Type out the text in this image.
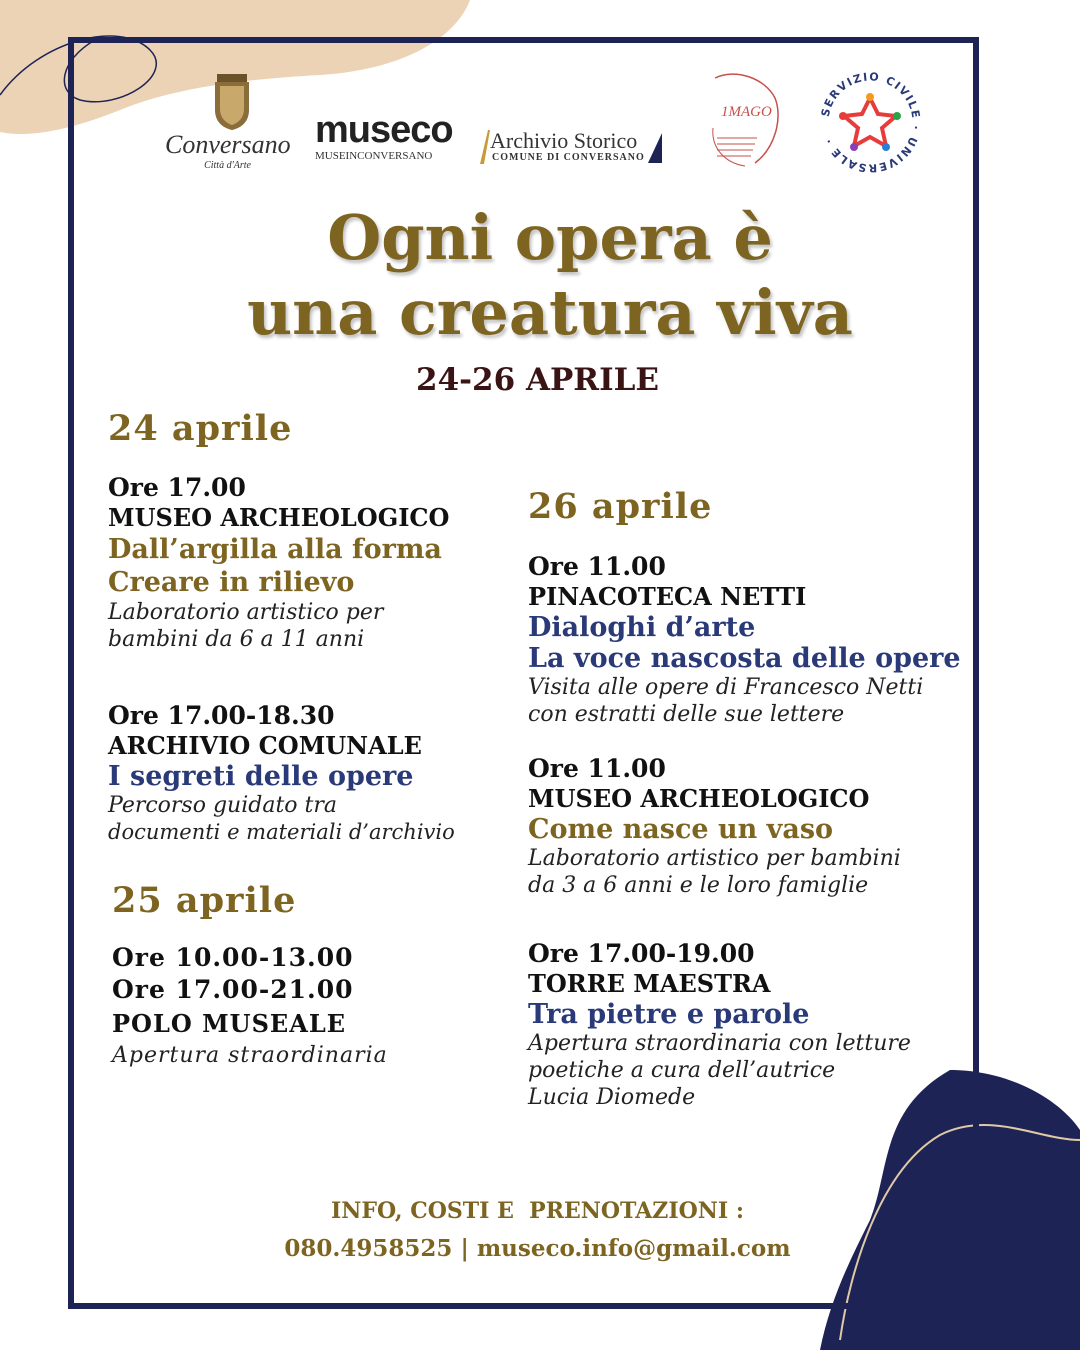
Conversano
Città d'Arte
museco
MUSEINCONVERSANO
Archivio Storico
COMUNE DI CONVERSANO
1MAGO	SERVIZIO CIVILE · UNIVERSALE ·
Ogni opera è
una creatura viva
24-26 APRILE
24 aprile
Ore 17.00
MUSEO ARCHEOLOGICO
Dall’argilla alla forma
Creare in rilievo
Laboratorio artistico per
bambini da 6 a 11 anni
Ore 17.00-18.30
ARCHIVIO COMUNALE
I segreti delle opere
Percorso guidato tra
documenti e materiali d’archivio
25 aprile
Ore 10.00-13.00
Ore 17.00-21.00
POLO MUSEALE
Apertura straordinaria
26 aprile
Ore 11.00
PINACOTECA NETTI
Dialoghi d’arte
La voce nascosta delle opere
Visita alle opere di Francesco Netti
con estratti delle sue lettere
Ore 11.00
MUSEO ARCHEOLOGICO
Come nasce un vaso
Laboratorio artistico per bambini
da 3 a 6 anni e le loro famiglie
Ore 17.00-19.00
TORRE MAESTRA
Tra pietre e parole
Apertura straordinaria con letture
poetiche a cura dell’autrice
Lucia Diomede
INFO, COSTI E  PRENOTAZIONI :
080.4958525 | museco.info@gmail.com
